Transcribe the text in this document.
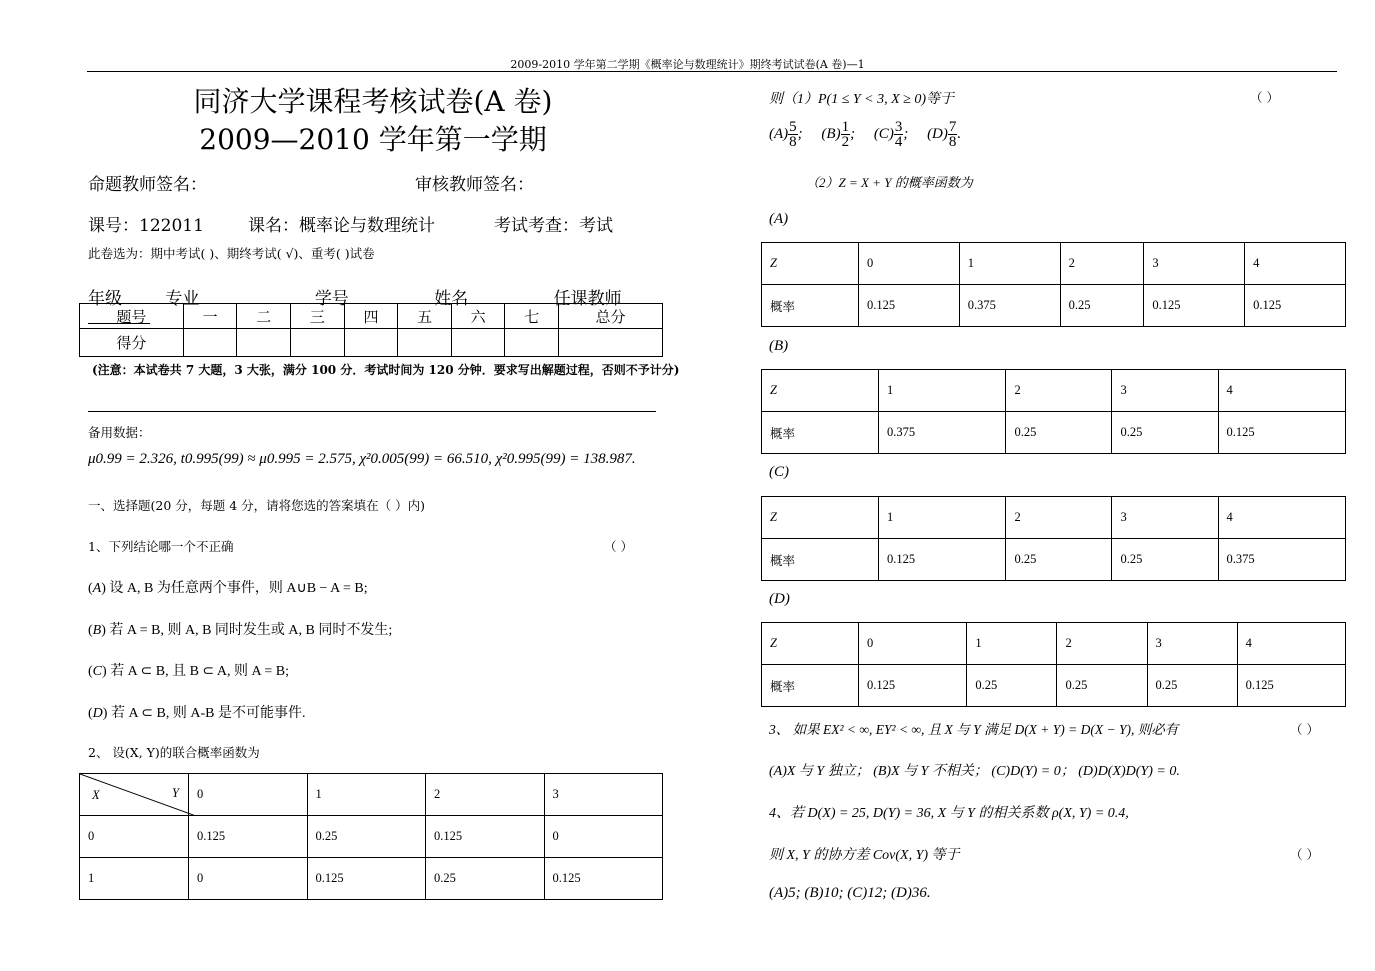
2009-2010 学年第二学期《概率论与数理统计》期终考试试卷(A 卷)—1
同济大学课程考核试卷(A 卷)
2009—2010 学年第一学期
命题教师签名：	审核教师签名：
课号：122011	课名：概率论与数理统计	考试考查：考试
此卷选为：期中考试( )、期终考试( √)、重考( )试卷
年级	专业	学号	姓名	任课教师
题号	一	二	三	四	五	六	七	总分
得分								
(注意：本试卷共 7 大题，3 大张，满分 100 分．考试时间为 120 分钟．要求写出解题过程，否则不予计分)
备用数据：
μ0.99 = 2.326, t0.995(99) ≈ μ0.995 = 2.575, χ²0.005(99) = 66.510, χ²0.995(99) = 138.987.
一、选择题(20 分，每题 4 分，请将您选的答案填在（ ）内)
1、下列结论哪一个不正确	（ ）
(A) 设 A, B 为任意两个事件，则 A∪B − A = B;
(B) 若 A = B, 则 A, B 同时发生或 A, B 同时不发生;
(C) 若 A ⊂ B, 且 B ⊂ A, 则 A = B;
(D) 若 A ⊂ B, 则 A-B 是不可能事件.
2、 设(X, Y)的联合概率函数为
X Y	0	1	2	3
0	0.125	0.25	0.125	0
1	0	0.125	0.25	0.125
则（1）P(1 ≤ Y < 3, X ≥ 0)等于	（ ）
$(A) \frac{5}{8}$ ;     $(B) \frac{1}{2}$ ;     $(C) \frac{3}{4}$ ;     $(D) \frac{7}{8}$ .
（2）Z = X + Y 的概率函数为
(A)
Z	0	1	2	3	4
概率	0.125	0.375	0.25	0.125	0.125
(B)
Z	1	2	3	4
概率	0.375	0.25	0.25	0.125
(C)
Z	1	2	3	4
概率	0.125	0.25	0.25	0.375
(D)
Z	0	1	2	3	4
概率	0.125	0.25	0.25	0.25	0.125
3、 如果 EX² < ∞, EY² < ∞, 且 X 与 Y 满足 D(X + Y) = D(X − Y), 则必有	（ ）
(A)X 与 Y 独立； (B)X 与 Y 不相关； (C)D(Y) = 0； (D)D(X)D(Y) = 0.
4、若 D(X) = 25, D(Y) = 36, X 与 Y 的相关系数 ρ(X, Y) = 0.4,
则 X, Y 的协方差 Cov(X, Y) 等于	（ ）
(A)5; (B)10; (C)12; (D)36.
